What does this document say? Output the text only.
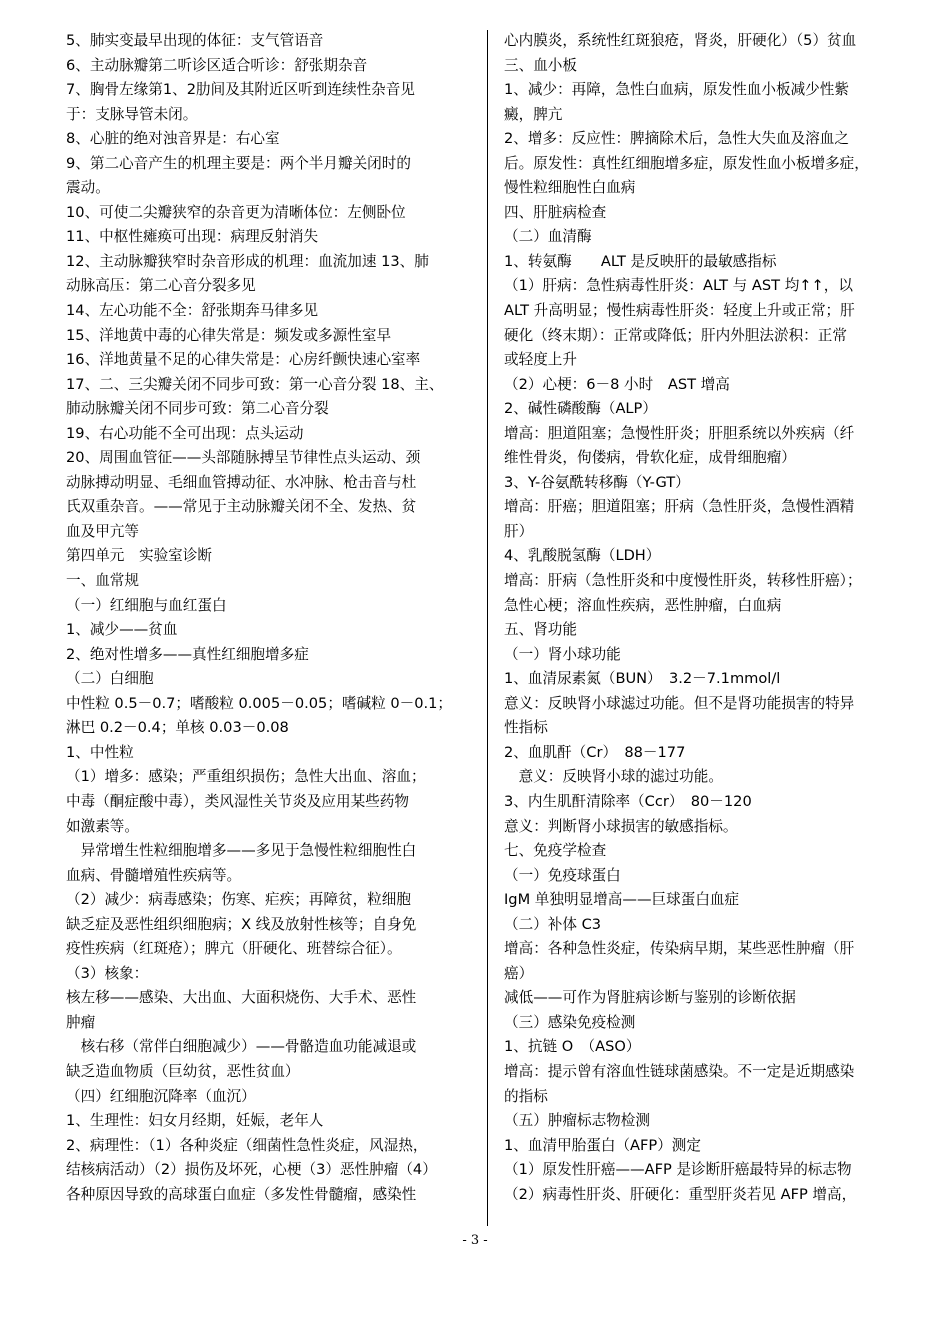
5、肺实变最早出现的体征：支气管语音

6、主动脉瓣第二听诊区适合听诊：舒张期杂音

7、胸骨左缘第1、2肋间及其附近区听到连续性杂音见

于：支脉导管未闭。

8、心脏的绝对浊音界是：右心室

9、第二心音产生的机理主要是：两个半月瓣关闭时的

震动。

10、可使二尖瓣狭窄的杂音更为清晰体位：左侧卧位

11、中枢性瘫痪可出现：病理反射消失

12、主动脉瓣狭窄时杂音形成的机理：血流加速 13、肺

动脉高压：第二心音分裂多见

14、左心功能不全：舒张期奔马律多见

15、洋地黄中毒的心律失常是：频发或多源性室早

16、洋地黄量不足的心律失常是：心房纤颤快速心室率

17、二、三尖瓣关闭不同步可致：第一心音分裂 18、主、

肺动脉瓣关闭不同步可致：第二心音分裂

19、右心功能不全可出现：点头运动

20、周围血管征——头部随脉搏呈节律性点头运动、颈

动脉搏动明显、毛细血管搏动征、水冲脉、枪击音与杜

氏双重杂音。——常见于主动脉瓣关闭不全、发热、贫

血及甲亢等

第四单元　实验室诊断

一、血常规

（一）红细胞与血红蛋白

1、减少——贫血

2、绝对性增多——真性红细胞增多症

（二）白细胞

中性粒 0.5－0.7；嗜酸粒 0.005－0.05；嗜碱粒 0－0.1；

淋巴 0.2－0.4；单核 0.03－0.08

1、中性粒

（1）增多：感染；严重组织损伤；急性大出血、溶血；

中毒（酮症酸中毒），类风湿性关节炎及应用某些药物

如激素等。

　异常增生性粒细胞增多——多见于急慢性粒细胞性白

血病、骨髓增殖性疾病等。

（2）减少：病毒感染；伤寒、疟疾；再障贫，粒细胞

缺乏症及恶性组织细胞病；X 线及放射性核等；自身免

疫性疾病（红斑疮）；脾亢（肝硬化、班替综合征）。

（3）核象：

核左移——感染、大出血、大面积烧伤、大手术、恶性

肿瘤

　核右移（常伴白细胞减少）——骨骼造血功能减退或

缺乏造血物质（巨幼贫，恶性贫血）

（四）红细胞沉降率（血沉）

1、生理性：妇女月经期，妊娠，老年人

2、病理性：（1）各种炎症（细菌性急性炎症，风湿热，

结核病活动）（2）损伤及坏死，心梗（3）恶性肿瘤（4）

各种原因导致的高球蛋白血症（多发性骨髓瘤，感染性

心内膜炎，系统性红斑狼疮，肾炎，肝硬化）（5）贫血

三、血小板

1、减少：再障，急性白血病，原发性血小板减少性紫

癜，脾亢

2、增多：反应性：脾摘除术后，急性大失血及溶血之

后。原发性：真性红细胞增多症，原发性血小板增多症，

慢性粒细胞性白血病

四、肝脏病检查

（二）血清酶

1、转氨酶　　ALT 是反映肝的最敏感指标

（1）肝病：急性病毒性肝炎：ALT 与 AST 均↑↑，以

ALT 升高明显；慢性病毒性肝炎：轻度上升或正常；肝

硬化（终末期）：正常或降低；肝内外胆法淤积：正常

或轻度上升

（2）心梗：6－8 小时　AST 增高

2、碱性磷酸酶（ALP）

增高：胆道阻塞；急慢性肝炎；肝胆系统以外疾病（纤

维性骨炎，佝偻病，骨软化症，成骨细胞瘤）

3、Y-谷氨酰转移酶（Y-GT）

增高：肝癌；胆道阻塞；肝病（急性肝炎，急慢性酒精

肝）

4、乳酸脱氢酶（LDH）

增高：肝病（急性肝炎和中度慢性肝炎，转移性肝癌）；

急性心梗；溶血性疾病，恶性肿瘤，白血病

五、肾功能

（一）肾小球功能

1、血清尿素氮（BUN）　3.2－7.1mmol/l

意义：反映肾小球滤过功能。但不是肾功能损害的特异

性指标

2、血肌酐（Cr）　88－177

　意义：反映肾小球的滤过功能。

3、内生肌酐清除率（Ccr）　80－120

意义：判断肾小球损害的敏感指标。

七、免疫学检查

（一）免疫球蛋白

IgM 单独明显增高——巨球蛋白血症

（二）补体 C3

增高：各种急性炎症，传染病早期，某些恶性肿瘤（肝

癌）

减低——可作为肾脏病诊断与鉴别的诊断依据

（三）感染免疫检测

1、抗链 O　（ASO）

增高：提示曾有溶血性链球菌感染。不一定是近期感染

的指标

（五）肿瘤标志物检测

1、血清甲胎蛋白（AFP）测定

（1）原发性肝癌——AFP 是诊断肝癌最特异的标志物

（2）病毒性肝炎、肝硬化：重型肝炎若见 AFP 增高，

- 3 -
